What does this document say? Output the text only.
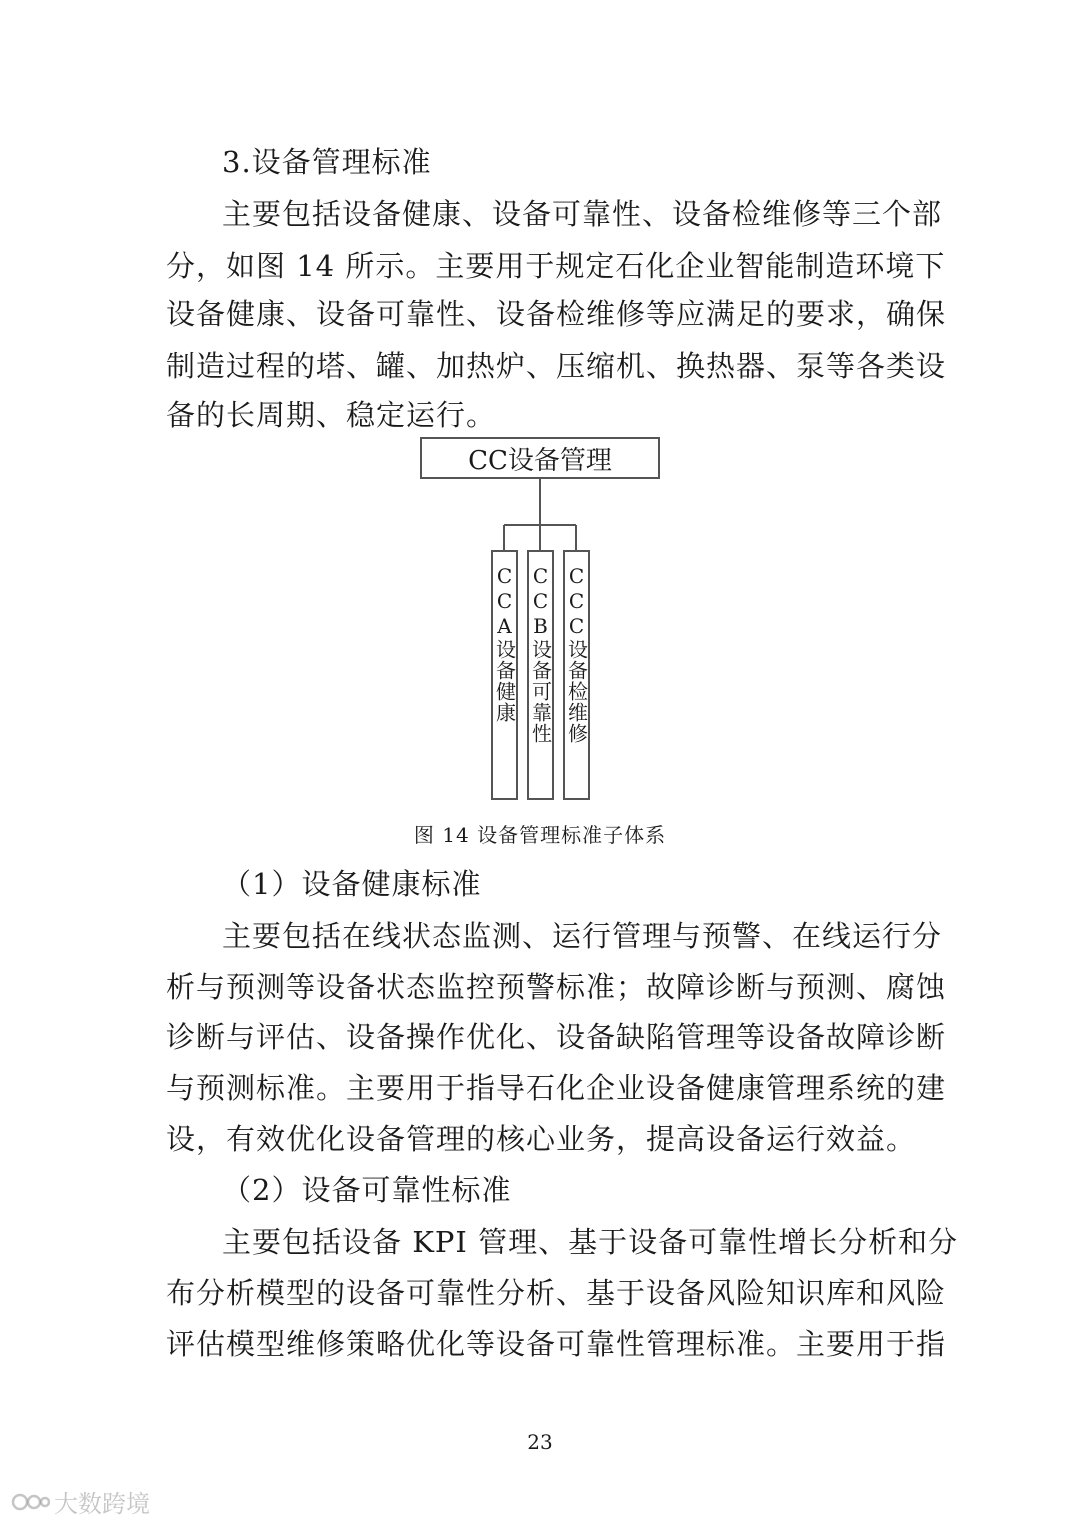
3.设备管理标准
主要包括设备健康、设备可靠性、设备检维修等三个部
分，如图 14 所示。主要用于规定石化企业智能制造环境下
设备健康、设备可靠性、设备检维修等应满足的要求，确保
制造过程的塔、罐、加热炉、压缩机、换热器、泵等各类设
备的长周期、稳定运行。
CC设备管理
CCA设备健康 CCB设备可靠性 CCC设备检维修
图 14 设备管理标准子体系
（1）设备健康标准
主要包括在线状态监测、运行管理与预警、在线运行分
析与预测等设备状态监控预警标准；故障诊断与预测、腐蚀
诊断与评估、设备操作优化、设备缺陷管理等设备故障诊断
与预测标准。主要用于指导石化企业设备健康管理系统的建
设，有效优化设备管理的核心业务，提高设备运行效益。
（2）设备可靠性标准
主要包括设备 KPI 管理、基于设备可靠性增长分析和分
布分析模型的设备可靠性分析、基于设备风险知识库和风险
评估模型维修策略优化等设备可靠性管理标准。主要用于指
23
大数跨境
